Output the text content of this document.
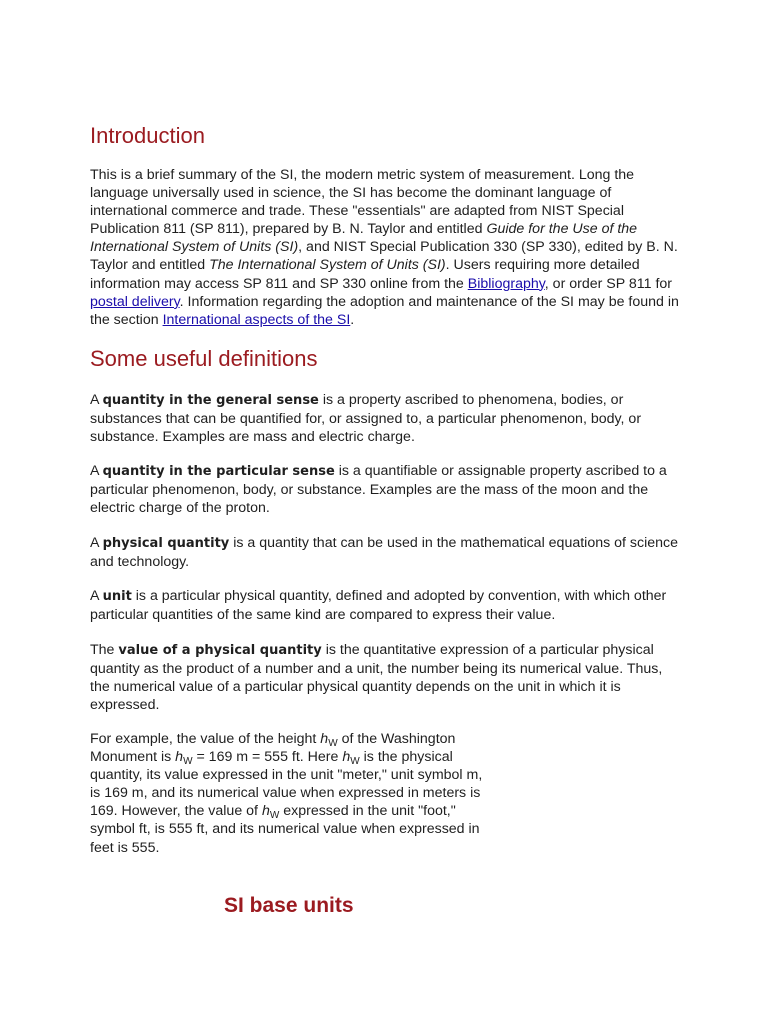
Introduction

This is a brief summary of the SI, the modern metric system of measurement. Long the language universally used in science, the SI has become the dominant language of international commerce and trade. These "essentials" are adapted from NIST Special Publication 811 (SP 811), prepared by B. N. Taylor and entitled Guide for the Use of the International System of Units (SI), and NIST Special Publication 330 (SP 330), edited by B. N. Taylor and entitled The International System of Units (SI). Users requiring more detailed information may access SP 811 and SP 330 online from the Bibliography, or order SP 811 for postal delivery. Information regarding the adoption and maintenance of the SI may be found in the section International aspects of the SI.

Some useful definitions

A quantity in the general sense is a property ascribed to phenomena, bodies, or substances that can be quantified for, or assigned to, a particular phenomenon, body, or substance. Examples are mass and electric charge.

A quantity in the particular sense is a quantifiable or assignable property ascribed to a particular phenomenon, body, or substance. Examples are the mass of the moon and the electric charge of the proton.

A physical quantity is a quantity that can be used in the mathematical equations of science and technology.

A unit is a particular physical quantity, defined and adopted by convention, with which other particular quantities of the same kind are compared to express their value.

The value of a physical quantity is the quantitative expression of a particular physical quantity as the product of a number and a unit, the number being its numerical value. Thus, the numerical value of a particular physical quantity depends on the unit in which it is expressed.

For example, the value of the height $h_W$ of the Washington Monument is $h_W = 169$ m = 555 ft. Here $h_W$ is the physical quantity, its value expressed in the unit "meter," unit symbol m, is 169 m, and its numerical value when expressed in meters is 169. However, the value of $h_W$ expressed in the unit "foot," symbol ft, is 555 ft, and its numerical value when expressed in feet is 555.

SI base units
